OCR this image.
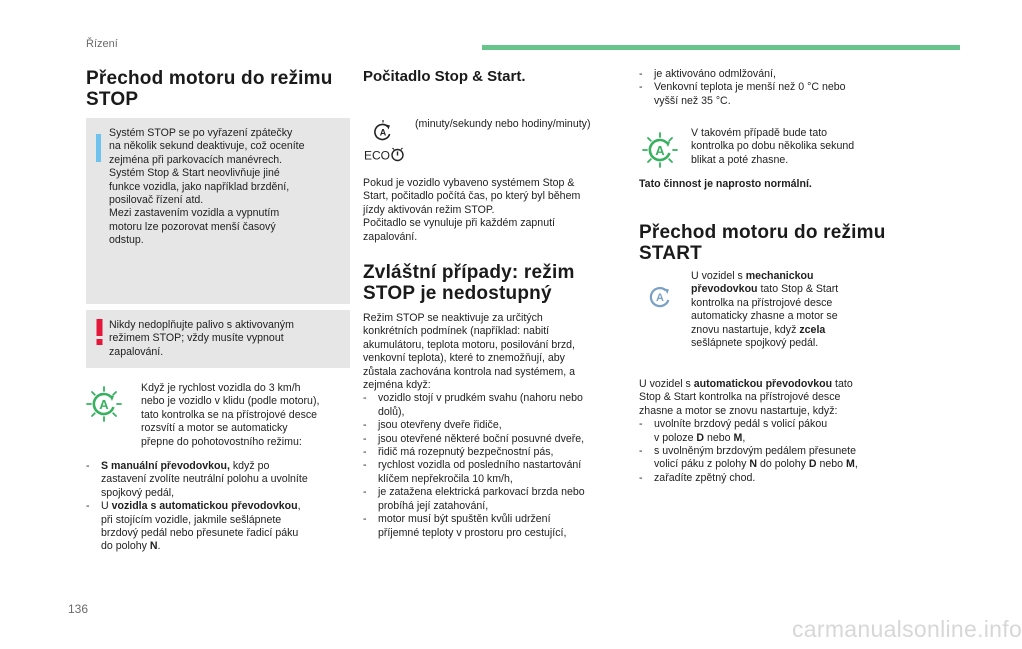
Řízení
Přechod motoru do režimu
STOP

Systém STOP se po vyřazení zpátečky

na několik sekund deaktivuje, což oceníte

zejména při parkovacích manévrech.

Systém Stop & Start neovlivňuje jiné

funkce vozidla, jako například brzdění,

posilovač řízení atd.

Mezi zastavením vozidla a vypnutím

motoru lze pozorovat menší časový

odstup.

Nikdy nedoplňujte palivo s aktivovaným

režimem STOP; vždy musíte vypnout

zapalování.

A

Když je rychlost vozidla do 3 km/h

nebo je vozidlo v klidu (podle motoru),

tato kontrolka se na přístrojové desce

rozsvítí a motor se automaticky

přepne do pohotovostního režimu:

- S manuální převodovkou, když po

zastavení zvolíte neutrální polohu a uvolníte

spojkový pedál,

- U vozidla s automatickou převodovkou,

při stojícím vozidle, jakmile sešlápnete

brzdový pedál nebo přesunete řadicí páku

do polohy N.

Počitadlo Stop & Start.
A
ECO
(minuty/sekundy nebo hodiny/minuty)

Pokud je vozidlo vybaveno systémem Stop &

Start, počitadlo počítá čas, po který byl během

jízdy aktivován režim STOP.

Počitadlo se vynuluje při každém zapnutí

zapalování.

Zvláštní případy: režim
STOP je nedostupný

Režim STOP se neaktivuje za určitých

konkrétních podmínek (například: nabití

akumulátoru, teplota motoru, posilování brzd,

venkovní teplota), které to znemožňují, aby

zůstala zachována kontrola nad systémem, a

zejména když:

- vozidlo stojí v prudkém svahu (nahoru nebo

dolů),

- jsou otevřeny dveře řidiče,

- jsou otevřené některé boční posuvné dveře,

- řidič má rozepnutý bezpečnostní pás,

- rychlost vozidla od posledního nastartování

klíčem nepřekročila 10 km/h,

- je zatažena elektrická parkovací brzda nebo

probíhá její zatahování,

- motor musí být spuštěn kvůli udržení

příjemné teploty v prostoru pro cestující,

- je aktivováno odmlžování,

- Venkovní teplota je menší než 0 °C nebo

vyšší než 35 °C.

A

V takovém případě bude tato

kontrolka po dobu několika sekund

blikat a poté zhasne.

Tato činnost je naprosto normální.
Přechod motoru do režimu
START
A

U vozidel s mechanickou

převodovkou tato Stop & Start

kontrolka na přístrojové desce

automaticky zhasne a motor se

znovu nastartuje, když zcela

sešlápnete spojkový pedál.

U vozidel s automatickou převodovkou tato

Stop & Start kontrolka na přístrojové desce

zhasne a motor se znovu nastartuje, když:

- uvolníte brzdový pedál s volicí pákou

v poloze D nebo M,

- s uvolněným brzdovým pedálem přesunete

volicí páku z polohy N do polohy D nebo M,

- zařadíte zpětný chod.

136
carmanualsonline.info
